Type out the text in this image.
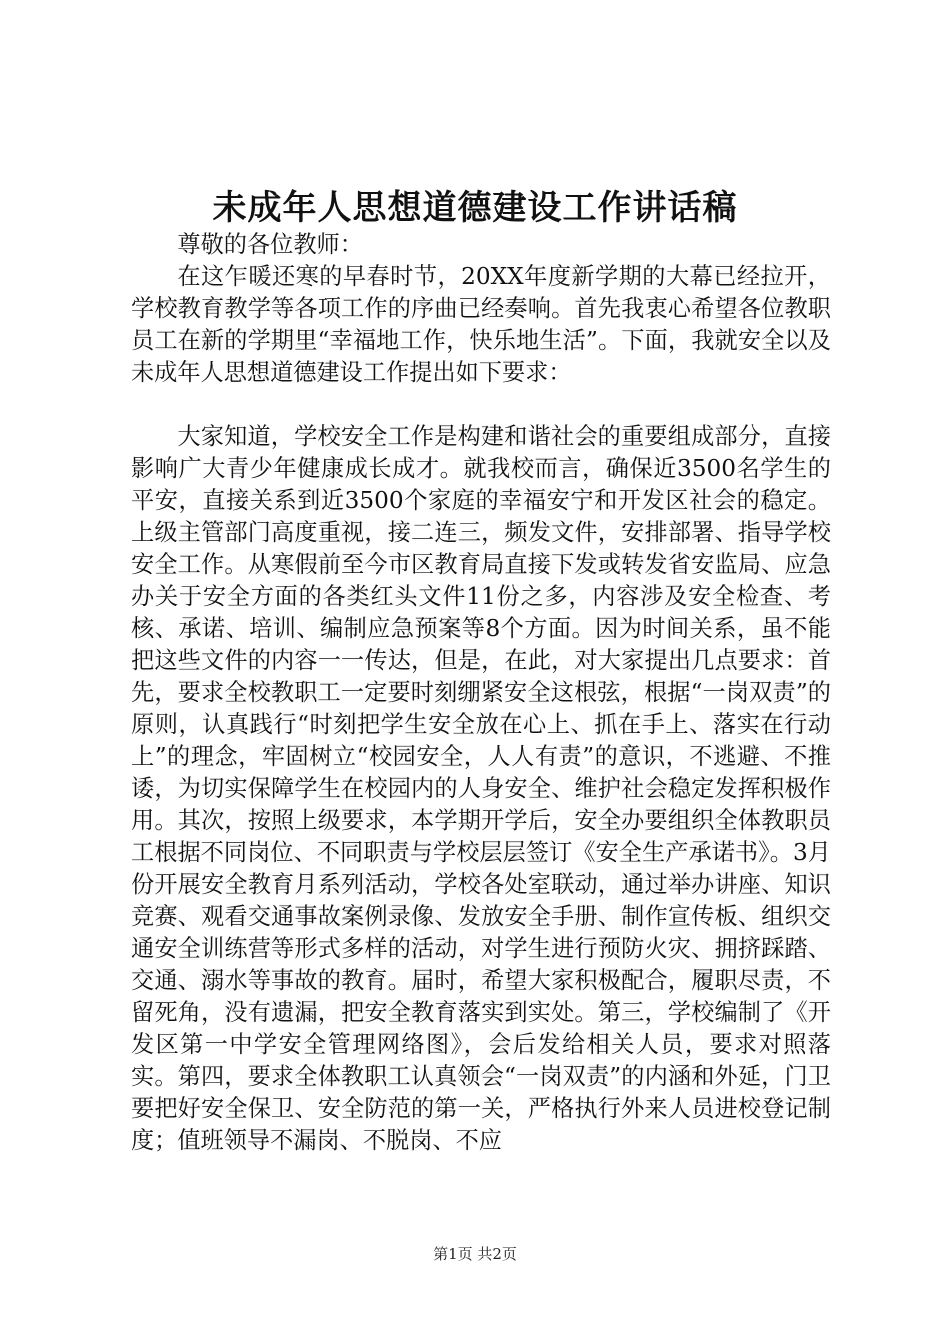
未成年人思想道德建设工作讲话稿

尊敬的各位教师：

在这乍暖还寒的早春时节，20XX年度新学期的大幕已经拉开，学校教育教学等各项工作的序曲已经奏响。首先我衷心希望各位教职员工在新的学期里“幸福地工作，快乐地生活”。下面，我就安全以及未成年人思想道德建设工作提出如下要求：

大家知道，学校安全工作是构建和谐社会的重要组成部分，直接影响广大青少年健康成长成才。就我校而言，确保近3500名学生的平安，直接关系到近3500个家庭的幸福安宁和开发区社会的稳定。上级主管部门高度重视，接二连三，频发文件，安排部署、指导学校安全工作。从寒假前至今市区教育局直接下发或转发省安监局、应急办关于安全方面的各类红头文件11份之多，内容涉及安全检查、考核、承诺、培训、编制应急预案等8个方面。因为时间关系，虽不能把这些文件的内容一一传达，但是，在此，对大家提出几点要求：首先，要求全校教职工一定要时刻绷紧安全这根弦，根据“一岗双责”的原则，认真践行“时刻把学生安全放在心上、抓在手上、落实在行动上”的理念，牢固树立“校园安全，人人有责”的意识，不逃避、不推诿，为切实保障学生在校园内的人身安全、维护社会稳定发挥积极作用。其次，按照上级要求，本学期开学后，安全办要组织全体教职员工根据不同岗位、不同职责与学校层层签订《安全生产承诺书》。3月份开展安全教育月系列活动，学校各处室联动，通过举办讲座、知识竞赛、观看交通事故案例录像、发放安全手册、制作宣传板、组织交通安全训练营等形式多样的活动，对学生进行预防火灾、拥挤踩踏、交通、溺水等事故的教育。届时，希望大家积极配合，履职尽责，不留死角，没有遗漏，把安全教育落实到实处。第三，学校编制了《开发区第一中学安全管理网络图》，会后发给相关人员，要求对照落实。第四，要求全体教职工认真领会“一岗双责”的内涵和外延，门卫要把好安全保卫、安全防范的第一关，严格执行外来人员进校登记制度；值班领导不漏岗、不脱岗、不应

第1页 共2页
